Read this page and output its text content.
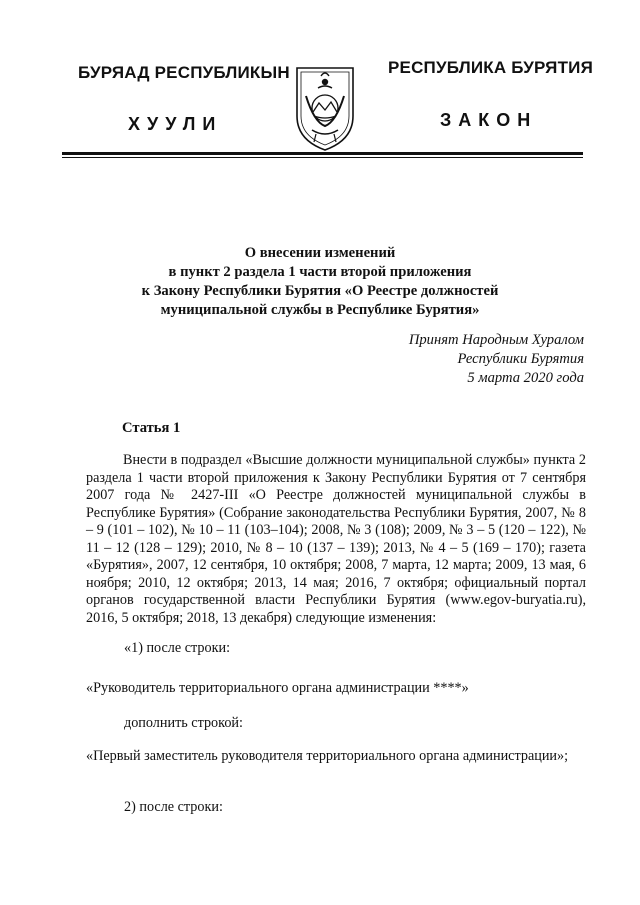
БУРЯАД РЕСПУБЛИКЫН
ХУУЛИ
РЕСПУБЛИКА БУРЯТИЯ
ЗАКОН
О внесении изменений
в пункт 2 раздела 1 части второй приложения
к Закону Республики Бурятия «О Реестре должностей
муниципальной службы в Республике Бурятия»
Принят Народным Хуралом
Республики Бурятия
5 марта 2020 года
Статья 1
Внести в подраздел «Высшие должности муниципальной службы» пункта 2 раздела 1 части второй приложения к Закону Республики Бурятия от 7 сентября 2007 года № 2427-III «О Реестре должностей муниципальной службы в Республике Бурятия» (Собрание законодательства Республики Бурятия, 2007, № 8 – 9 (101 – 102), № 10 – 11 (103–104); 2008, № 3 (108); 2009, № 3 – 5 (120 – 122), № 11 – 12 (128 – 129); 2010, № 8 – 10 (137 – 139); 2013, № 4 – 5 (169 – 170); газета «Бурятия», 2007, 12 сентября, 10 октября; 2008, 7 марта, 12 марта; 2009, 13 мая, 6 ноября; 2010, 12 октября; 2013, 14 мая; 2016, 7 октября; официальный портал органов государственной власти Республики Бурятия (www.egov-buryatia.ru), 2016, 5 октября; 2018, 13 декабря) следующие изменения:
«1) после строки:
«Руководитель территориального органа администрации ****»
дополнить строкой:
«Первый заместитель руководителя территориального органа администрации»;
2) после строки:
